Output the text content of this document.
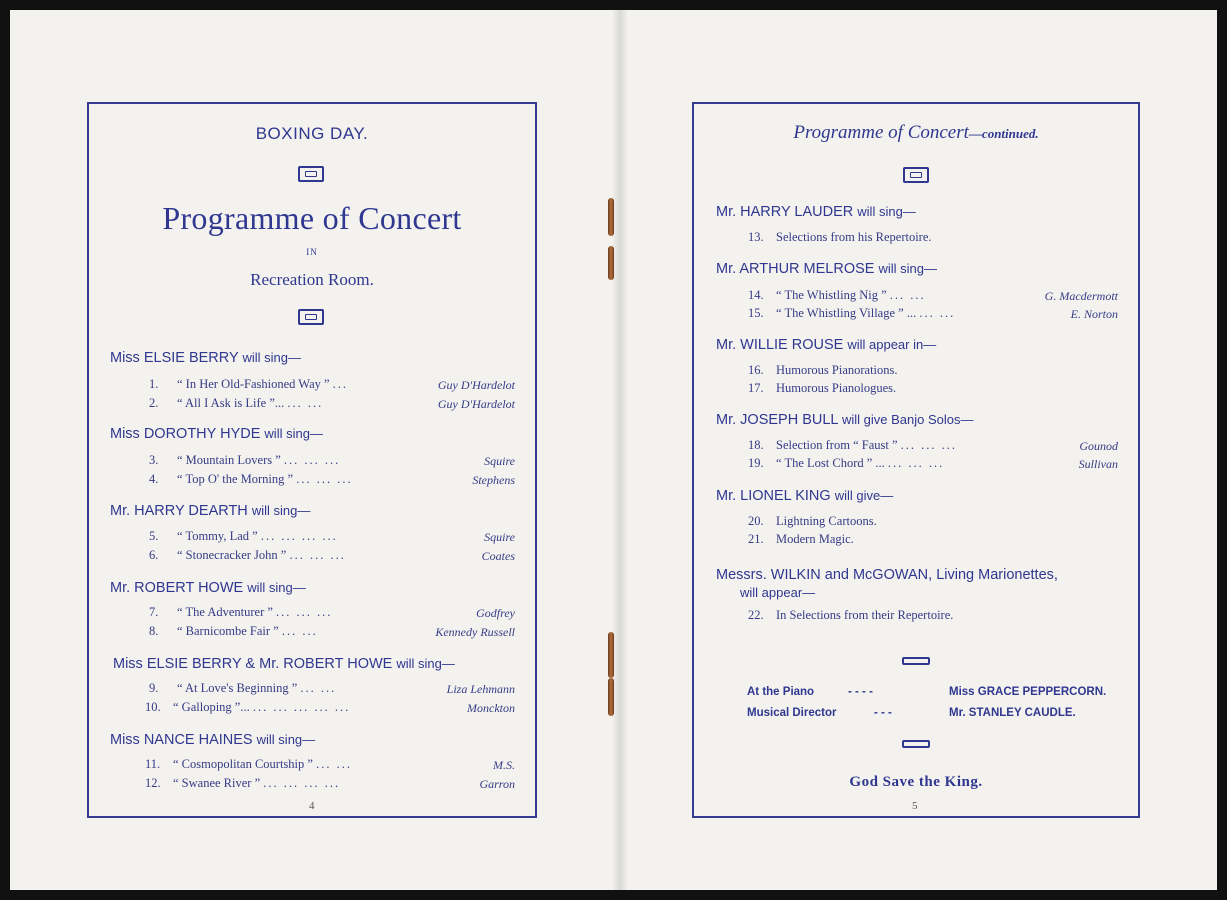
BOXING DAY.
Programme of Concert
IN
Recreation Room.
Miss ELSIE BERRY will sing—
1. “ In Her Old-Fashioned Way ” ...	Guy D'Hardelot
2. “ All I Ask is Life ”... ... ...	Guy D'Hardelot
Miss DOROTHY HYDE will sing—
3. “ Mountain Lovers ” ... ... ...	Squire
4. “ Top O' the Morning ” ... ... ...	Stephens
Mr. HARRY DEARTH will sing—
5. “ Tommy, Lad ” ... ... ... ...	Squire
6. “ Stonecracker John ” ... ... ...	Coates
Mr. ROBERT HOWE will sing—
7. “ The Adventurer ” ... ... ...	Godfrey
8. “ Barnicombe Fair ” ... ...	Kennedy Russell
Miss ELSIE BERRY & Mr. ROBERT HOWE will sing—
9. “ At Love's Beginning ” ... ...	Liza Lehmann
10. “ Galloping ”... ... ... ... ... ...	Monckton
Miss NANCE HAINES will sing—
11. “ Cosmopolitan Courtship ” ... ...	M.S.
12. “ Swanee River ” ... ... ... ...	Garron
4
Programme of Concert—continued.
Mr. HARRY LAUDER will sing—
13. Selections from his Repertoire.
Mr. ARTHUR MELROSE will sing—
14. “ The Whistling Nig ” ... ...	G. Macdermott
15. “ The Whistling Village ” ... ... ...	E. Norton
Mr. WILLIE ROUSE will appear in—
16. Humorous Pianorations.
17. Humorous Pianologues.
Mr. JOSEPH BULL will give Banjo Solos—
18. Selection from “ Faust ” ... ... ...	Gounod
19. “ The Lost Chord ” ... ... ... ...	Sullivan
Mr. LIONEL KING will give—
20. Lightning Cartoons.
21. Modern Magic.
Messrs. WILKIN and McGOWAN, Living Marionettes,
will appear—
22. In Selections from their Repertoire.
At the Piano	- - - -	Miss GRACE PEPPERCORN.
Musical Director	- - -	Mr. STANLEY CAUDLE.
God Save the King.
5
